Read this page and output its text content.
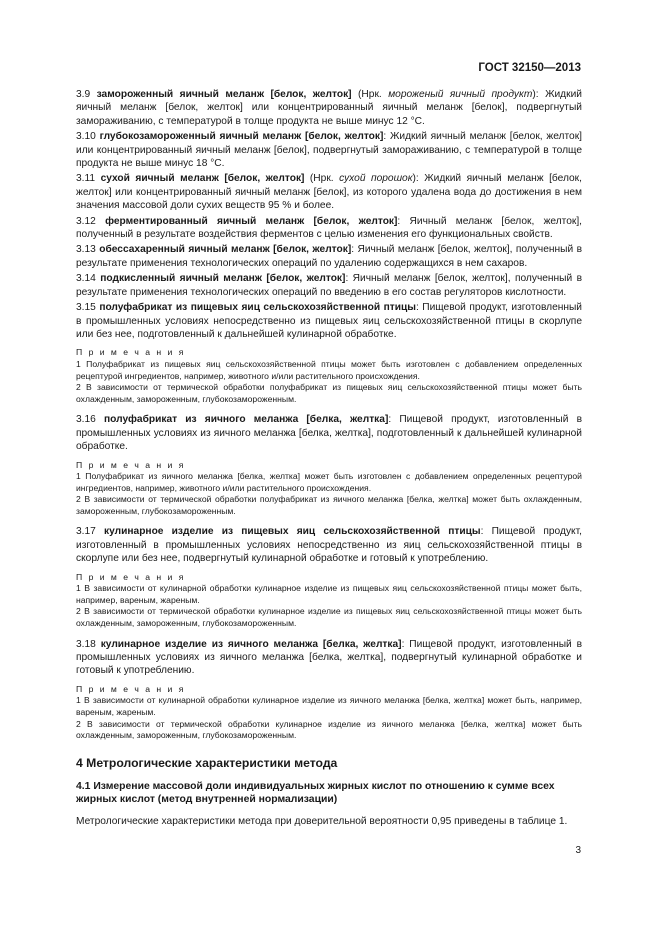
ГОСТ 32150—2013
3.9 замороженный яичный меланж [белок, желток] (Нрк. мороженый яичный продукт): Жидкий яичный меланж [белок, желток] или концентрированный яичный меланж [белок], подвергнутый замораживанию, с температурой в толще продукта не выше минус 12 °C.
3.10 глубокозамороженный яичный меланж [белок, желток]: Жидкий яичный меланж [белок, желток] или концентрированный яичный меланж [белок], подвергнутый замораживанию, с температурой в толще продукта не выше минус 18 °C.
3.11 сухой яичный меланж [белок, желток] (Нрк. сухой порошок): Жидкий яичный меланж [белок, желток] или концентрированный яичный меланж [белок], из которого удалена вода до достижения в нем значения массовой доли сухих веществ 95 % и более.
3.12 ферментированный яичный меланж [белок, желток]: Яичный меланж [белок, желток], полученный в результате воздействия ферментов с целью изменения его функциональных свойств.
3.13 обессахаренный яичный меланж [белок, желток]: Яичный меланж [белок, желток], полученный в результате применения технологических операций по удалению содержащихся в нем сахаров.
3.14 подкисленный яичный меланж [белок, желток]: Яичный меланж [белок, желток], полученный в результате применения технологических операций по введению в его состав регуляторов кислотности.
3.15 полуфабрикат из пищевых яиц сельскохозяйственной птицы: Пищевой продукт, изготовленный в промышленных условиях непосредственно из пищевых яиц сельскохозяйственной птицы в скорлупе или без нее, подготовленный к дальнейшей кулинарной обработке.

П р и м е ч а н и я

1 Полуфабрикат из пищевых яиц сельскохозяйственной птицы может быть изготовлен с добавлением определенных рецептурой ингредиентов, например, животного и/или растительного происхождения.

2 В зависимости от термической обработки полуфабрикат из пищевых яиц сельскохозяйственной птицы может быть охлажденным, замороженным, глубокозамороженным.

3.16 полуфабрикат из яичного меланжа [белка, желтка]: Пищевой продукт, изготовленный в промышленных условиях из яичного меланжа [белка, желтка], подготовленный к дальнейшей кулинарной обработке.

П р и м е ч а н и я

1 Полуфабрикат из яичного меланжа [белка, желтка] может быть изготовлен с добавлением определенных рецептурой ингредиентов, например, животного и/или растительного происхождения.

2 В зависимости от термической обработки полуфабрикат из яичного меланжа [белка, желтка] может быть охлажденным, замороженным, глубокозамороженным.

3.17 кулинарное изделие из пищевых яиц сельскохозяйственной птицы: Пищевой продукт, изготовленный в промышленных условиях непосредственно из яиц сельскохозяйственной птицы в скорлупе или без нее, подвергнутый кулинарной обработке и готовый к употреблению.

П р и м е ч а н и я

1 В зависимости от кулинарной обработки кулинарное изделие из пищевых яиц сельскохозяйственной птицы может быть, например, вареным, жареным.

2 В зависимости от термической обработки кулинарное изделие из пищевых яиц сельскохозяйственной птицы может быть охлажденным, замороженным, глубокозамороженным.

3.18 кулинарное изделие из яичного меланжа [белка, желтка]: Пищевой продукт, изготовленный в промышленных условиях из яичного меланжа [белка, желтка], подвергнутый кулинарной обработке и готовый к употреблению.

П р и м е ч а н и я

1 В зависимости от кулинарной обработки кулинарное изделие из яичного меланжа [белка, желтка] может быть, например, вареным, жареным.

2 В зависимости от термической обработки кулинарное изделие из яичного меланжа [белка, желтка] может быть охлажденным, замороженным, глубокозамороженным.

4 Метрологические характеристики метода
4.1 Измерение массовой доли индивидуальных жирных кислот по отношению к сумме всех жирных кислот (метод внутренней нормализации)
Метрологические характеристики метода при доверительной вероятности 0,95 приведены в таблице 1.
3
